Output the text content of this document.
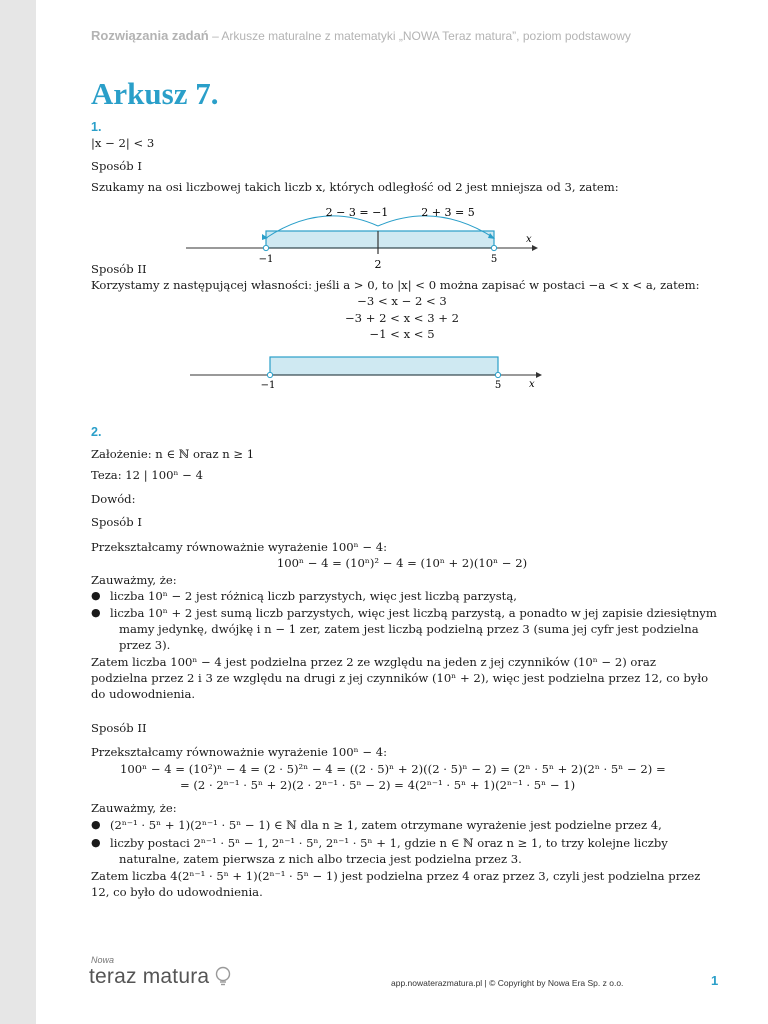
Rozwiązania zadań – Arkusze maturalne z matematyki „NOWA Teraz matura”, poziom podstawowy
Arkusz 7.
1.
|x − 2| < 3
Sposób I
Szukamy na osi liczbowej takich liczb x, których odległość od 2 jest mniejsza od 3, zatem:
2 − 3 = −1	2 + 3 = 5
−1	2	5
x
Sposób II
Korzystamy z następującej własności: jeśli a > 0, to |x| < 0 można zapisać w postaci −a < x < a, zatem:
−3 < x − 2 < 3
−3 + 2 < x < 3 + 2
−1 < x < 5
−1	5	x
2.
Założenie: n ∈ ℕ oraz n ≥ 1
Teza: 12 | 100ⁿ − 4
Dowód:
Sposób I
Przekształcamy równoważnie wyrażenie 100ⁿ − 4:
100ⁿ − 4 = (10ⁿ)² − 4 = (10ⁿ + 2)(10ⁿ − 2)
Zauważmy, że:
● liczba 10ⁿ − 2 jest różnicą liczb parzystych, więc jest liczbą parzystą,
● liczba 10ⁿ + 2 jest sumą liczb parzystych, więc jest liczbą parzystą, a ponadto w jej zapisie dziesiętnym
mamy jedynkę, dwójkę i n − 1 zer, zatem jest liczbą podzielną przez 3 (suma jej cyfr jest podzielna
przez 3).
Zatem liczba 100ⁿ − 4 jest podzielna przez 2 ze względu na jeden z jej czynników (10ⁿ − 2) oraz
podzielna przez 2 i 3 ze względu na drugi z jej czynników (10ⁿ + 2), więc jest podzielna przez 12, co było
do udowodnienia.
Sposób II
Przekształcamy równoważnie wyrażenie 100ⁿ − 4:
100ⁿ − 4 = (10²)ⁿ − 4 = (2 · 5)²ⁿ − 4 = ((2 · 5)ⁿ + 2)((2 · 5)ⁿ − 2) = (2ⁿ · 5ⁿ + 2)(2ⁿ · 5ⁿ − 2) =
= (2 · 2ⁿ⁻¹ · 5ⁿ + 2)(2 · 2ⁿ⁻¹ · 5ⁿ − 2) = 4(2ⁿ⁻¹ · 5ⁿ + 1)(2ⁿ⁻¹ · 5ⁿ − 1)
Zauważmy, że:
● (2ⁿ⁻¹ · 5ⁿ + 1)(2ⁿ⁻¹ · 5ⁿ − 1) ∈ ℕ dla n ≥ 1, zatem otrzymane wyrażenie jest podzielne przez 4,
● liczby postaci 2ⁿ⁻¹ · 5ⁿ − 1, 2ⁿ⁻¹ · 5ⁿ, 2ⁿ⁻¹ · 5ⁿ + 1, gdzie n ∈ ℕ oraz n ≥ 1, to trzy kolejne liczby
naturalne, zatem pierwsza z nich albo trzecia jest podzielna przez 3.
Zatem liczba 4(2ⁿ⁻¹ · 5ⁿ + 1)(2ⁿ⁻¹ · 5ⁿ − 1) jest podzielna przez 4 oraz przez 3, czyli jest podzielna przez
12, co było do udowodnienia.
Nowa
teraz matura	app.nowaterazmatura.pl | © Copyright by Nowa Era Sp. z o.o.	1
